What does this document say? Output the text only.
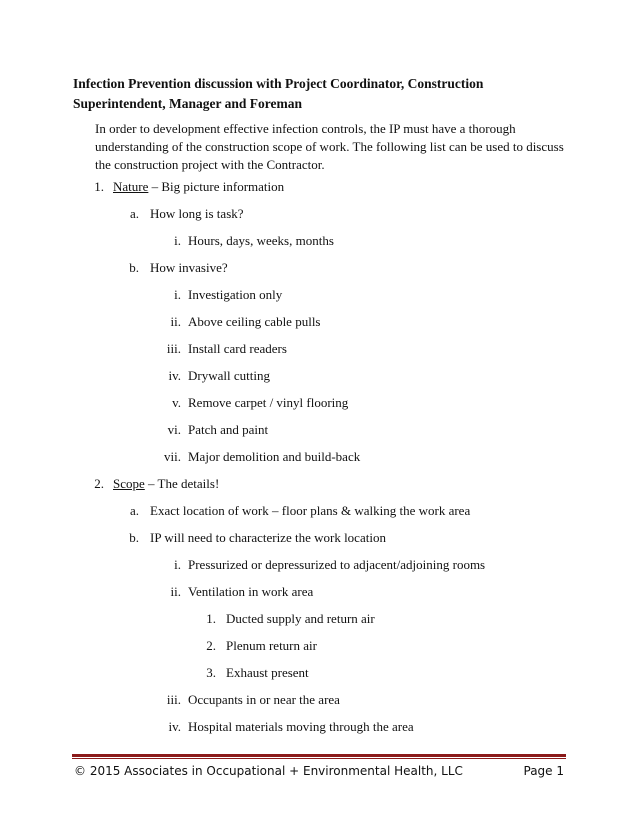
Infection Prevention discussion with Project Coordinator, Construction Superintendent, Manager and Foreman
In order to development effective infection controls, the IP must have a thorough understanding of the construction scope of work. The following list can be used to discuss the construction project with the Contractor.
1. Nature – Big picture information
a. How long is task?
i. Hours, days, weeks, months
b. How invasive?
i. Investigation only
ii. Above ceiling cable pulls
iii. Install card readers
iv. Drywall cutting
v. Remove carpet / vinyl flooring
vi. Patch and paint
vii. Major demolition and build-back
2. Scope – The details!
a. Exact location of work – floor plans & walking the work area
b. IP will need to characterize the work location
i. Pressurized or depressurized to adjacent/adjoining rooms
ii. Ventilation in work area
1. Ducted supply and return air
2. Plenum return air
3. Exhaust present
iii. Occupants in or near the area
iv. Hospital materials moving through the area
© 2015 Associates in Occupational + Environmental Health, LLC	Page 1
